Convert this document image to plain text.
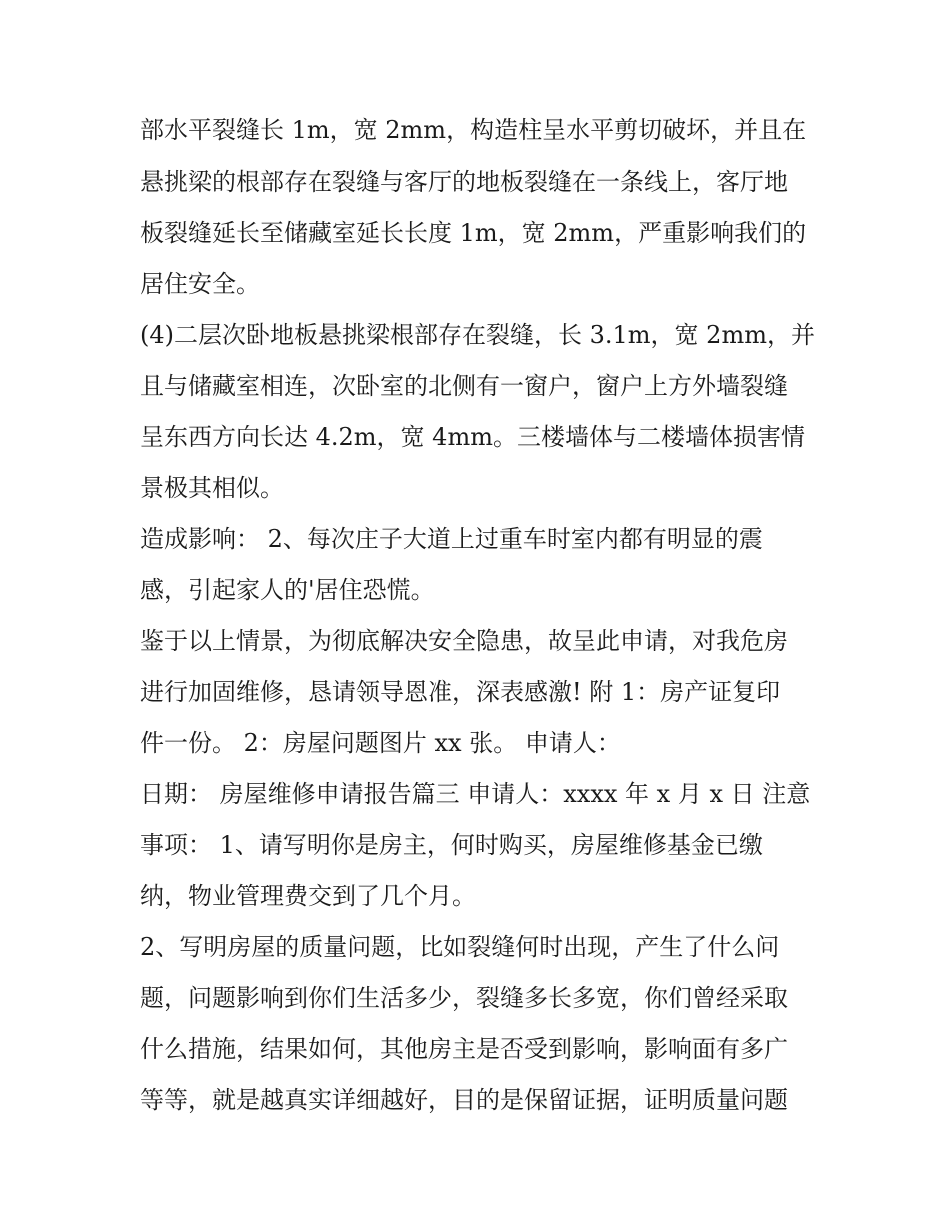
部水平裂缝长 1m，宽 2mm，构造柱呈水平剪切破坏，并且在
悬挑梁的根部存在裂缝与客厅的地板裂缝在一条线上，客厅地
板裂缝延长至储藏室延长长度 1m，宽 2mm，严重影响我们的
居住安全。
(4)二层次卧地板悬挑梁根部存在裂缝，长 3.1m，宽 2mm，并
且与储藏室相连，次卧室的北侧有一窗户，窗户上方外墙裂缝
呈东西方向长达 4.2m，宽 4mm。三楼墙体与二楼墙体损害情
景极其相似。
造成影响： 2、每次庄子大道上过重车时室内都有明显的震
感，引起家人的'居住恐慌。
鉴于以上情景，为彻底解决安全隐患，故呈此申请，对我危房
进行加固维修，恳请领导恩准，深表感激! 附 1：房产证复印
件一份。 2：房屋问题图片 xx 张。 申请人：
日期： 房屋维修申请报告篇三 申请人：xxxx 年 x 月 x 日 注意
事项： 1、请写明你是房主，何时购买，房屋维修基金已缴
纳，物业管理费交到了几个月。
2、写明房屋的质量问题，比如裂缝何时出现，产生了什么问
题，问题影响到你们生活多少，裂缝多长多宽，你们曾经采取
什么措施，结果如何，其他房主是否受到影响，影响面有多广
等等，就是越真实详细越好，目的是保留证据，证明质量问题
